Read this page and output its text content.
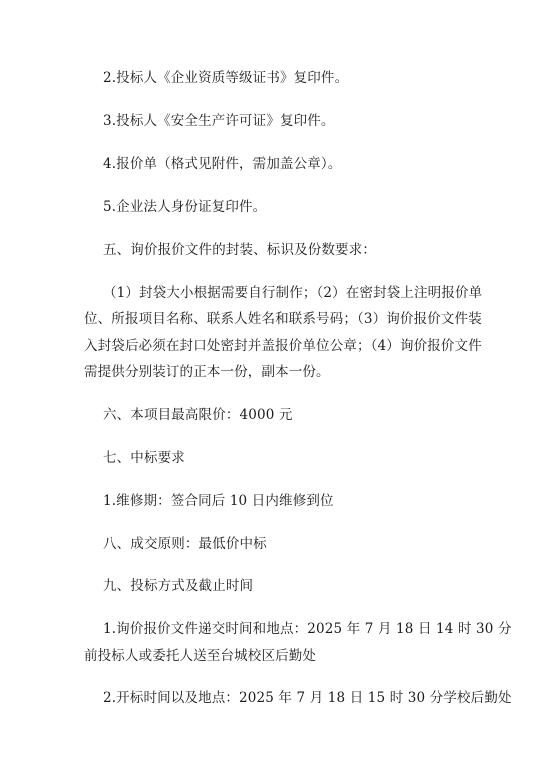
2.投标人《企业资质等级证书》复印件。
3.投标人《安全生产许可证》复印件。
4.报价单（格式见附件，需加盖公章）。
5.企业法人身份证复印件。
五、询价报价文件的封装、标识及份数要求：
（1）封袋大小根据需要自行制作；（2）在密封袋上注明报价单
位、所报项目名称、联系人姓名和联系号码；（3）询价报价文件装
入封袋后必须在封口处密封并盖报价单位公章；（4）询价报价文件
需提供分别装订的正本一份，副本一份。
六、本项目最高限价：4000 元
七、中标要求
1.维修期：签合同后 10 日内维修到位
八、成交原则：最低价中标
九、投标方式及截止时间
1.询价报价文件递交时间和地点：2025 年 7 月 18 日 14 时 30 分
前投标人或委托人送至台城校区后勤处
2.开标时间以及地点：2025 年 7 月 18 日 15 时 30 分学校后勤处
